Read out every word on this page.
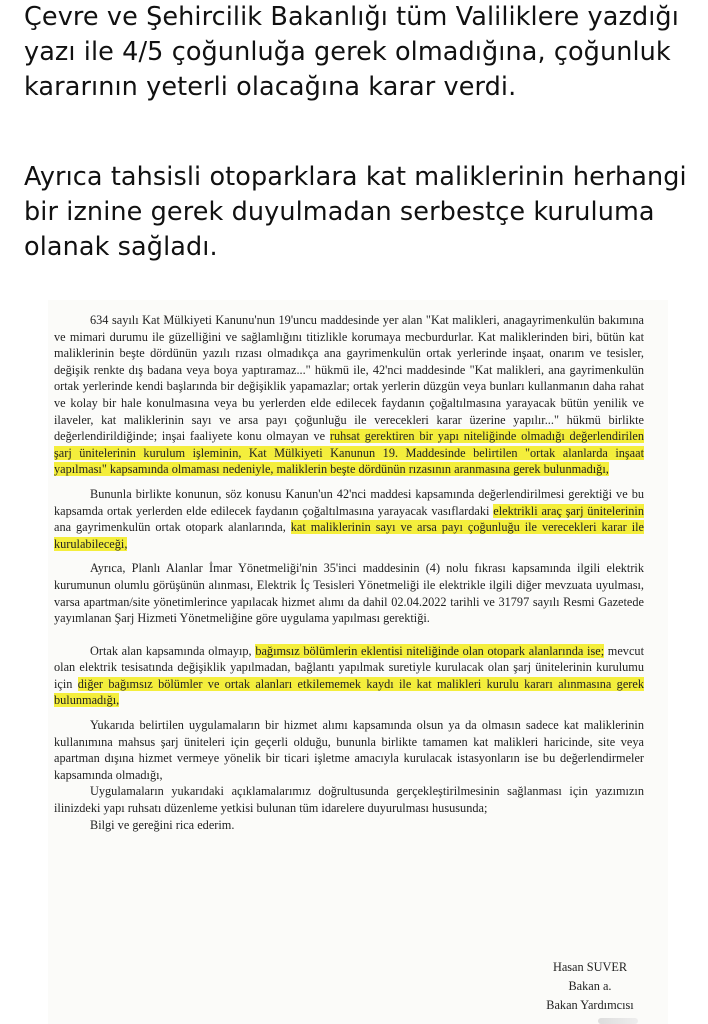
Çevre ve Şehircilik Bakanlığı tüm Valiliklere yazdığı yazı ile 4/5 çoğunluğa gerek olmadığına, çoğunluk kararının yeterli olacağına karar verdi.
Ayrıca tahsisli otoparklara kat maliklerinin herhangi bir iznine gerek duyulmadan serbestçe kuruluma olanak sağladı.

634 sayılı Kat Mülkiyeti Kanunu'nun 19'uncu maddesinde yer alan "Kat malikleri, anagayrimenkulün bakımına ve mimari durumu ile güzelliğini ve sağlamlığını titizlikle korumaya mecburdurlar. Kat maliklerinden biri, bütün kat maliklerinin beşte dördünün yazılı rızası olmadıkça ana gayrimenkulün ortak yerlerinde inşaat, onarım ve tesisler, değişik renkte dış badana veya boya yaptıramaz..." hükmü ile, 42'nci maddesinde "Kat malikleri, ana gayrimenkulün ortak yerlerinde kendi başlarında bir değişiklik yapamazlar; ortak yerlerin düzgün veya bunları kullanmanın daha rahat ve kolay bir hale konulmasına veya bu yerlerden elde edilecek faydanın çoğaltılmasına yarayacak bütün yenilik ve ilaveler, kat maliklerinin sayı ve arsa payı çoğunluğu ile verecekleri karar üzerine yapılır..." hükmü birlikte değerlendirildiğinde; inşai faaliyete konu olmayan ve ruhsat gerektiren bir yapı niteliğinde olmadığı değerlendirilen şarj ünitelerinin kurulum işleminin, Kat Mülkiyeti Kanunun 19. Maddesinde belirtilen "ortak alanlarda inşaat yapılması" kapsamında olmaması nedeniyle, maliklerin beşte dördünün rızasının aranmasına gerek bulunmadığı,

Bununla birlikte konunun, söz konusu Kanun'un 42'nci maddesi kapsamında değerlendirilmesi gerektiği ve bu kapsamda ortak yerlerden elde edilecek faydanın çoğaltılmasına yarayacak vasıflardaki elektrikli araç şarj ünitelerinin ana gayrimenkulün ortak otopark alanlarında, kat maliklerinin sayı ve arsa payı çoğunluğu ile verecekleri karar ile kurulabileceği,

Ayrıca, Planlı Alanlar İmar Yönetmeliği'nin 35'inci maddesinin (4) nolu fıkrası kapsamında ilgili elektrik kurumunun olumlu görüşünün alınması, Elektrik İç Tesisleri Yönetmeliği ile elektrikle ilgili diğer mevzuata uyulması, varsa apartman/site yönetimlerince yapılacak hizmet alımı da dahil 02.04.2022 tarihli ve 31797 sayılı Resmi Gazetede yayımlanan Şarj Hizmeti Yönetmeliğine göre uygulama yapılması gerektiği.

Ortak alan kapsamında olmayıp, bağımsız bölümlerin eklentisi niteliğinde olan otopark alanlarında ise; mevcut olan elektrik tesisatında değişiklik yapılmadan, bağlantı yapılmak suretiyle kurulacak olan şarj ünitelerinin kurulumu için diğer bağımsız bölümler ve ortak alanları etkilememek kaydı ile kat malikleri kurulu kararı alınmasına gerek bulunmadığı,

Yukarıda belirtilen uygulamaların bir hizmet alımı kapsamında olsun ya da olmasın sadece kat maliklerinin kullanımına mahsus şarj üniteleri için geçerli olduğu, bununla birlikte tamamen kat malikleri haricinde, site veya apartman dışına hizmet vermeye yönelik bir ticari işletme amacıyla kurulacak istasyonların ise bu değerlendirmeler kapsamında olmadığı,

Uygulamaların yukarıdaki açıklamalarımız doğrultusunda gerçekleştirilmesinin sağlanması için yazımızın ilinizdeki yapı ruhsatı düzenleme yetkisi bulunan tüm idarelere duyurulması hususunda;

Bilgi ve gereğini rica ederim.

Hasan SUVER
Bakan a.
Bakan Yardımcısı
